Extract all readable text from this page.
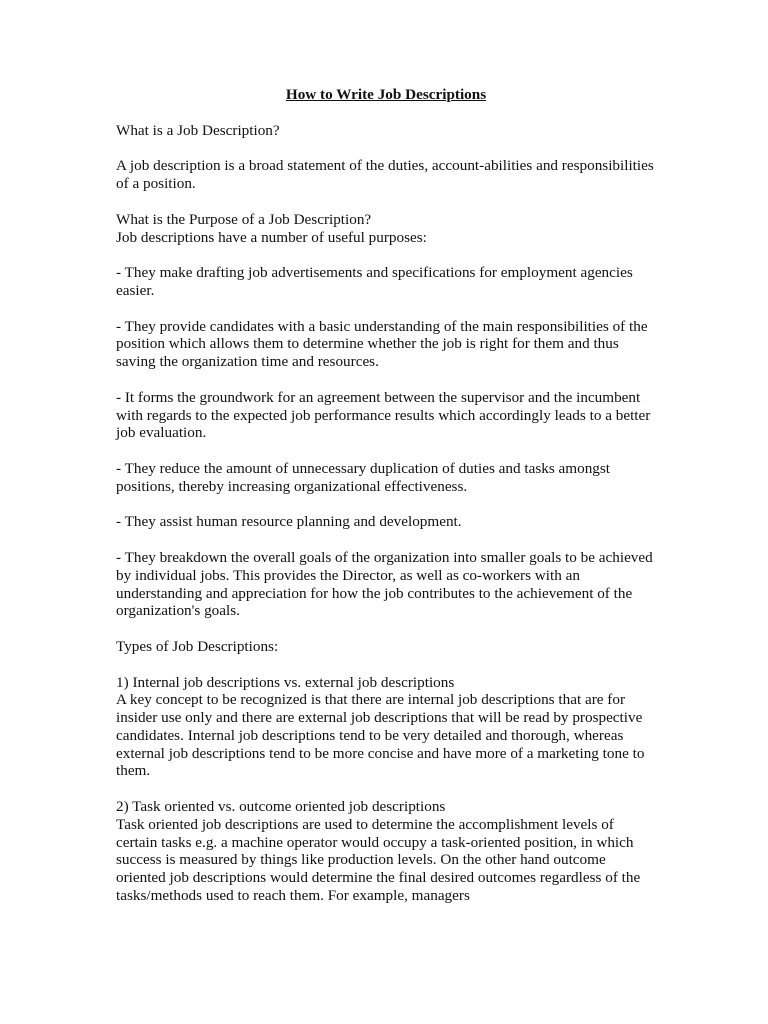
How to Write Job Descriptions
What is a Job Description?
A job description is a broad statement of the duties, account-abilities and responsibilities of a position.
What is the Purpose of a Job Description?
Job descriptions have a number of useful purposes:
- They make drafting job advertisements and specifications for employment agencies easier.
- They provide candidates with a basic understanding of the main responsibilities of the position which allows them to determine whether the job is right for them and thus saving the organization time and resources.
- It forms the groundwork for an agreement between the supervisor and the incumbent with regards to the expected job performance results which accordingly leads to a better job evaluation.
- They reduce the amount of unnecessary duplication of duties and tasks amongst positions, thereby increasing organizational effectiveness.
- They assist human resource planning and development.
- They breakdown the overall goals of the organization into smaller goals to be achieved by individual jobs. This provides the Director, as well as co-workers with an understanding and appreciation for how the job contributes to the achievement of the organization's goals.
Types of Job Descriptions:
1) Internal job descriptions vs. external job descriptions
A key concept to be recognized is that there are internal job descriptions that are for insider use only and there are external job descriptions that will be read by prospective candidates. Internal job descriptions tend to be very detailed and thorough, whereas external job descriptions tend to be more concise and have more of a marketing tone to them.
2) Task oriented vs. outcome oriented job descriptions
Task oriented job descriptions are used to determine the accomplishment levels of certain tasks e.g. a machine operator would occupy a task-oriented position, in which success is measured by things like production levels. On the other hand outcome oriented job descriptions would determine the final desired outcomes regardless of the tasks/methods used to reach them. For example, managers
